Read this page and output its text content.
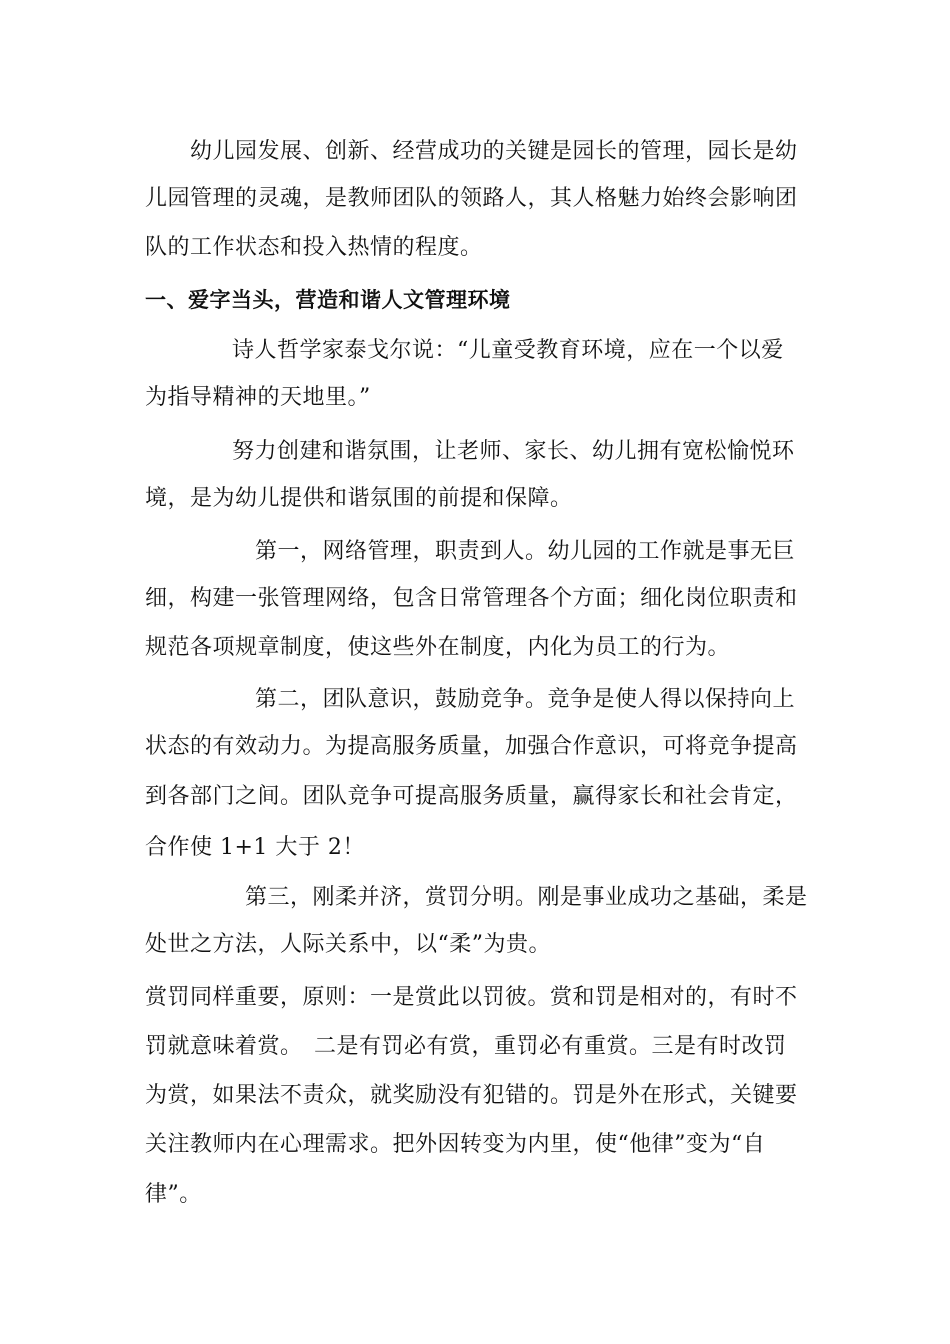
幼儿园发展、创新、经营成功的关键是园长的管理，园长是幼
儿园管理的灵魂，是教师团队的领路人，其人格魅力始终会影响团
队的工作状态和投入热情的程度。
一、爱字当头，营造和谐人文管理环境
诗人哲学家泰戈尔说：“儿童受教育环境，应在一个以爱
为指导精神的天地里。”
努力创建和谐氛围，让老师、家长、幼儿拥有宽松愉悦环
境，是为幼儿提供和谐氛围的前提和保障。
第一，网络管理，职责到人。幼儿园的工作就是事无巨
细，构建一张管理网络，包含日常管理各个方面；细化岗位职责和
规范各项规章制度，使这些外在制度，内化为员工的行为。
第二，团队意识，鼓励竞争。竞争是使人得以保持向上
状态的有效动力。为提高服务质量，加强合作意识，可将竞争提高
到各部门之间。团队竞争可提高服务质量，赢得家长和社会肯定，
合作使 1+1 大于 2！
第三，刚柔并济，赏罚分明。刚是事业成功之基础，柔是
处世之方法，人际关系中，以“柔”为贵。
赏罚同样重要，原则：一是赏此以罚彼。赏和罚是相对的，有时不
罚就意味着赏。　二是有罚必有赏，重罚必有重赏。三是有时改罚
为赏，如果法不责众，就奖励没有犯错的。罚是外在形式，关键要
关注教师内在心理需求。把外因转变为内里，使“他律”变为“自
律”。
